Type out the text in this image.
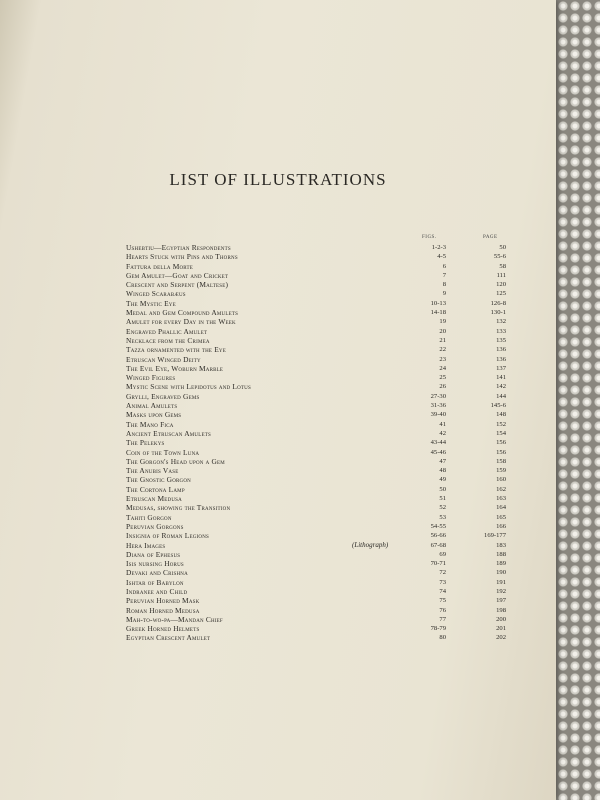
LIST OF ILLUSTRATIONS
FIGS.	PAGE
Ushebtiu—Egyptian Respondents	1-2-3	50
Hearts Stuck with Pins and Thorns	4-5	55-6
Fattura della Morte	6	58
Gem Amulet—Goat and Cricket	7	111
Crescent and Serpent (Maltese)	8	120
Winged Scarabæus	9	125
The Mystic Eye	10-13	126-8
Medal and Gem Compound Amulets	14-18	130-1
Amulet for every Day in the Week	19	132
Engraved Phallic Amulet	20	133
Necklace from the Crimea	21	135
Tazza ornamented with the Eye	22	136
Etruscan Winged Deity	23	136
The Evil Eye, Woburn Marble	24	137
Winged Figures	25	141
Mystic Scene with Lepidotus and Lotus	26	142
Grylli, Engraved Gems	27-30	144
Animal Amulets	31-36	145-6
Masks upon Gems	39-40	148
The Mano Fica	41	152
Ancient Etruscan Amulets	42	154
The Pelekys	43-44	156
Coin of the Town Luna	45-46	156
The Gorgon's Head upon a Gem	47	158
The Anubis Vase	48	159
The Gnostic Gorgon	49	160
The Cortona Lamp	50	162
Etruscan Medusa	51	163
Medusas, showing the Transition	52	164
Tahiti Gorgon	53	165
Peruvian Gorgons	54-55	166
Insignia of Roman Legions	56-66	169-177
Hera Images	(Lithograph)	67-68	183
Diana of Ephesus	69	188
Isis nursing Horus	70-71	189
Devaki and Crishna	72	190
Ishtar of Babylon	73	191
Indranee and Child	74	192
Peruvian Horned Mask	75	197
Roman Horned Medusa	76	198
Mah-to-wo-pa—Mandan Chief	77	200
Greek Horned Helmets	78-79	201
Egyptian Crescent Amulet	80	202
